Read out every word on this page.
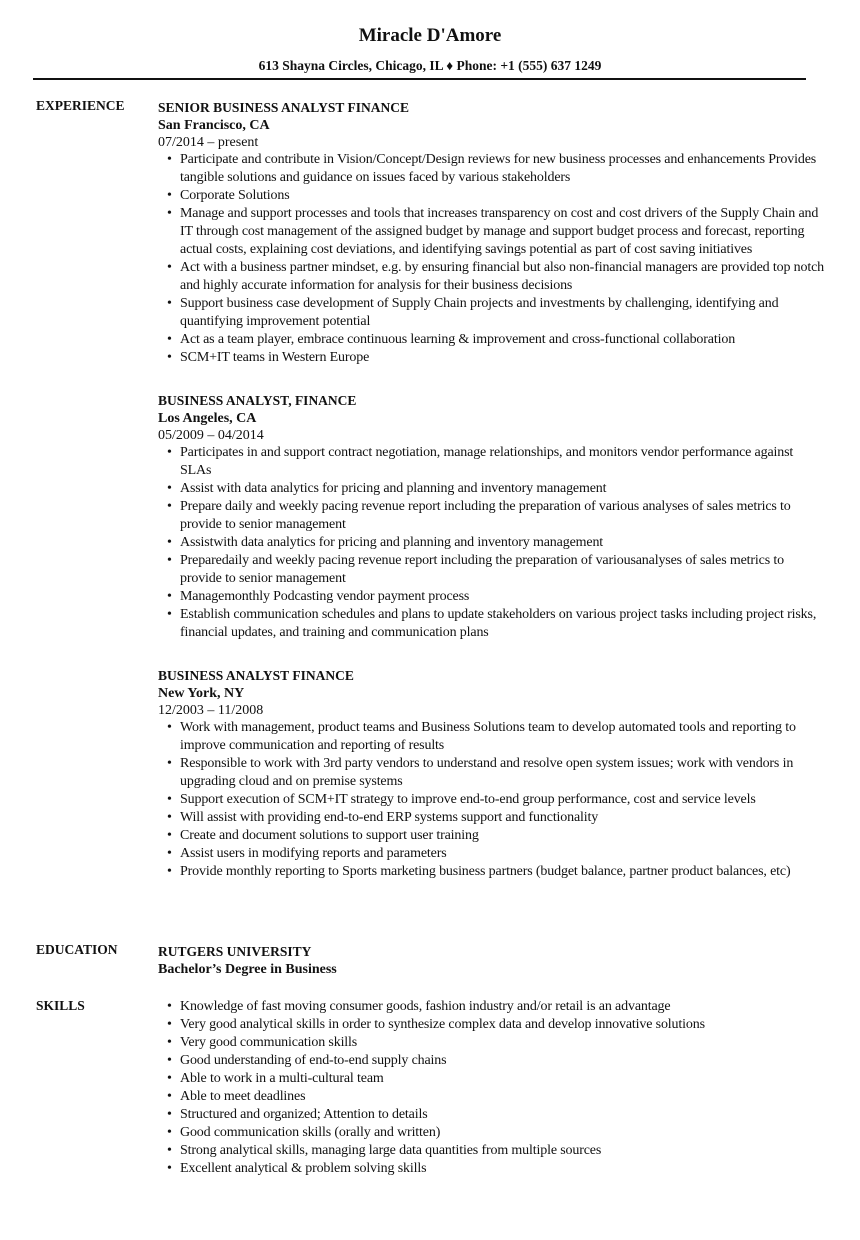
Miracle D'Amore
613 Shayna Circles, Chicago, IL ♦ Phone: +1 (555) 637 1249
EXPERIENCE SENIOR BUSINESS ANALYST FINANCE
San Francisco, CA
07/2014 – present
• Participate and contribute in Vision/Concept/Design reviews for new business processes and enhancements Provides tangible solutions and guidance on issues faced by various stakeholders
• Corporate Solutions
• Manage and support processes and tools that increases transparency on cost and cost drivers of the Supply Chain and IT through cost management of the assigned budget by manage and support budget process and forecast, reporting actual costs, explaining cost deviations, and identifying savings potential as part of cost saving initiatives
• Act with a business partner mindset, e.g. by ensuring financial but also non-financial managers are provided top notch and highly accurate information for analysis for their business decisions
• Support business case development of Supply Chain projects and investments by challenging, identifying and quantifying improvement potential
• Act as a team player, embrace continuous learning & improvement and cross-functional collaboration
• SCM+IT teams in Western Europe
BUSINESS ANALYST, FINANCE
Los Angeles, CA
05/2009 – 04/2014
• Participates in and support contract negotiation, manage relationships, and monitors vendor performance against SLAs
• Assist with data analytics for pricing and planning and inventory management
• Prepare daily and weekly pacing revenue report including the preparation of various analyses of sales metrics to provide to senior management
• Assistwith data analytics for pricing and planning and inventory management
• Preparedaily and weekly pacing revenue report including the preparation of variousanalyses of sales metrics to provide to senior management
• Managemonthly Podcasting vendor payment process
• Establish communication schedules and plans to update stakeholders on various project tasks including project risks, financial updates, and training and communication plans
BUSINESS ANALYST FINANCE
New York, NY
12/2003 – 11/2008
• Work with management, product teams and Business Solutions team to develop automated tools and reporting to improve communication and reporting of results
• Responsible to work with 3rd party vendors to understand and resolve open system issues; work with vendors in upgrading cloud and on premise systems
• Support execution of SCM+IT strategy to improve end-to-end group performance, cost and service levels
• Will assist with providing end-to-end ERP systems support and functionality
• Create and document solutions to support user training
• Assist users in modifying reports and parameters
• Provide monthly reporting to Sports marketing business partners (budget balance, partner product balances, etc)
EDUCATION	RUTGERS UNIVERSITY
Bachelor’s Degree in Business
SKILLS	• Knowledge of fast moving consumer goods, fashion industry and/or retail is an advantage
• Very good analytical skills in order to synthesize complex data and develop innovative solutions
• Very good communication skills
• Good understanding of end-to-end supply chains
• Able to work in a multi-cultural team
• Able to meet deadlines
• Structured and organized; Attention to details
• Good communication skills (orally and written)
• Strong analytical skills, managing large data quantities from multiple sources
• Excellent analytical & problem solving skills
